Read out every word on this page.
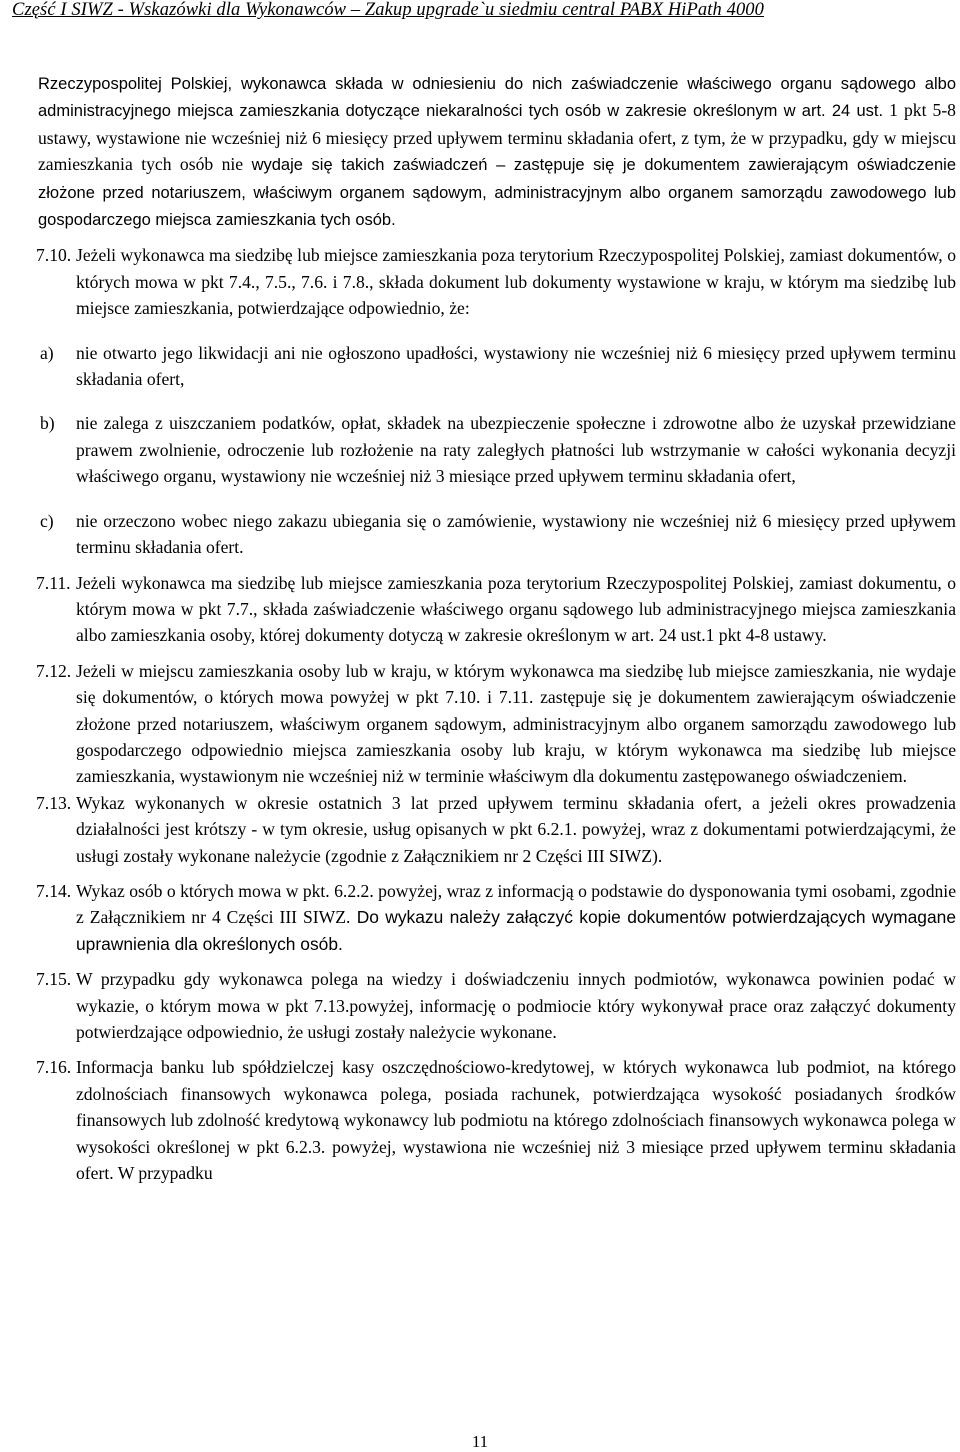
Część I SIWZ - Wskazówki dla Wykonawców – Zakup upgrade`u siedmiu central PABX HiPath 4000

Rzeczypospolitej Polskiej, wykonawca składa w odniesieniu do nich zaświadczenie właściwego organu sądowego albo administracyjnego miejsca zamieszkania dotyczące niekaralności tych osób w zakresie określonym w art. 24 ust. 1 pkt 5-8 ustawy, wystawione nie wcześniej niż 6 miesięcy przed upływem terminu składania ofert, z tym, że w przypadku, gdy w miejscu zamieszkania tych osób nie wydaje się takich zaświadczeń – zastępuje się je dokumentem zawierającym oświadczenie złożone przed notariuszem, właściwym organem sądowym, administracyjnym albo organem samorządu zawodowego lub gospodarczego miejsca zamieszkania tych osób.

7.10. Jeżeli wykonawca ma siedzibę lub miejsce zamieszkania poza terytorium Rzeczypospolitej Polskiej, zamiast dokumentów, o których mowa w pkt 7.4., 7.5., 7.6. i 7.8., składa dokument lub dokumenty wystawione w kraju, w którym ma siedzibę lub miejsce zamieszkania, potwierdzające odpowiednio, że:

a) nie otwarto jego likwidacji ani nie ogłoszono upadłości, wystawiony nie wcześniej niż 6 miesięcy przed upływem terminu składania ofert,

b) nie zalega z uiszczaniem podatków, opłat, składek na ubezpieczenie społeczne i zdrowotne albo że uzyskał przewidziane prawem zwolnienie, odroczenie lub rozłożenie na raty zaległych płatności lub wstrzymanie w całości wykonania decyzji właściwego organu, wystawiony nie wcześniej niż 3 miesiące przed upływem terminu składania ofert,

c) nie orzeczono wobec niego zakazu ubiegania się o zamówienie, wystawiony nie wcześniej niż 6 miesięcy przed upływem terminu składania ofert.

7.11. Jeżeli wykonawca ma siedzibę lub miejsce zamieszkania poza terytorium Rzeczypospolitej Polskiej, zamiast dokumentu, o którym mowa w pkt 7.7., składa zaświadczenie właściwego organu sądowego lub administracyjnego miejsca zamieszkania albo zamieszkania osoby, której dokumenty dotyczą w zakresie określonym w art. 24 ust.1 pkt 4-8 ustawy.

7.12. Jeżeli w miejscu zamieszkania osoby lub w kraju, w którym wykonawca ma siedzibę lub miejsce zamieszkania, nie wydaje się dokumentów, o których mowa powyżej w pkt 7.10. i 7.11. zastępuje się je dokumentem zawierającym oświadczenie złożone przed notariuszem, właściwym organem sądowym, administracyjnym albo organem samorządu zawodowego lub gospodarczego odpowiednio miejsca zamieszkania osoby lub kraju, w którym wykonawca ma siedzibę lub miejsce zamieszkania, wystawionym nie wcześniej niż w terminie właściwym dla dokumentu zastępowanego oświadczeniem.

7.13. Wykaz wykonanych w okresie ostatnich 3 lat przed upływem terminu składania ofert, a jeżeli okres prowadzenia działalności jest krótszy - w tym okresie, usług opisanych w pkt 6.2.1. powyżej, wraz z dokumentami potwierdzającymi, że usługi zostały wykonane należycie (zgodnie z Załącznikiem nr 2 Części III SIWZ).

7.14. Wykaz osób o których mowa w pkt. 6.2.2. powyżej, wraz z informacją o podstawie do dysponowania tymi osobami, zgodnie z Załącznikiem nr 4 Części III SIWZ. Do wykazu należy załączyć kopie dokumentów potwierdzających wymagane uprawnienia dla określonych osób.

7.15. W przypadku gdy wykonawca polega na wiedzy i doświadczeniu innych podmiotów, wykonawca powinien podać w wykazie, o którym mowa w pkt 7.13.powyżej, informację o podmiocie który wykonywał prace oraz załączyć dokumenty potwierdzające odpowiednio, że usługi zostały należycie wykonane.

7.16. Informacja banku lub spółdzielczej kasy oszczędnościowo-kredytowej, w których wykonawca lub podmiot, na którego zdolnościach finansowych wykonawca polega, posiada rachunek, potwierdzająca wysokość posiadanych środków finansowych lub zdolność kredytową wykonawcy lub podmiotu na którego zdolnościach finansowych wykonawca polega w wysokości określonej w pkt 6.2.3. powyżej, wystawiona nie wcześniej niż 3 miesiące przed upływem terminu składania ofert. W przypadku

11
